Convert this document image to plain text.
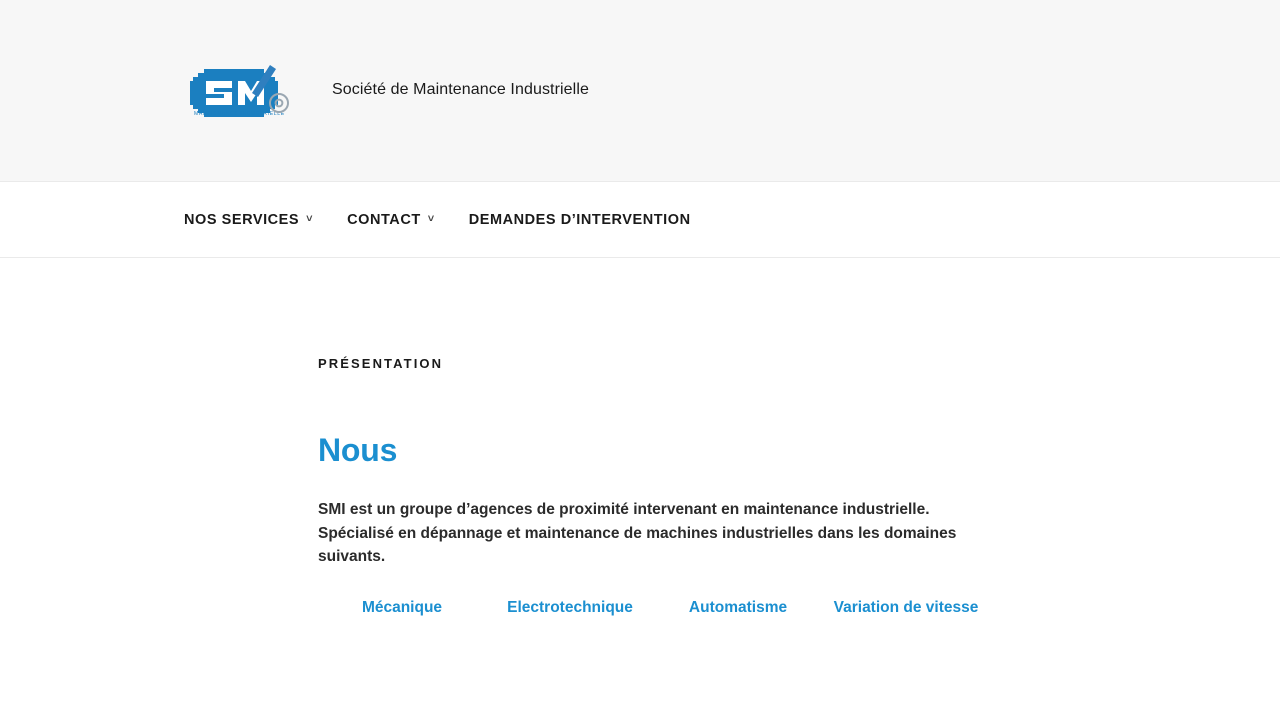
MAINTENANCE INDUSTRIELLE
Société de Maintenance Industrielle
NOS SERVICES ˅ CONTACT ˅ DEMANDES D’INTERVENTION
PRÉSENTATION
Nous

SMI est un groupe d’agences de proximité intervenant en maintenance industrielle. Spécialisé en dépannage et maintenance de machines industrielles dans les domaines suivants.

Mécanique	Electrotechnique	Automatisme	Variation de vitesse
